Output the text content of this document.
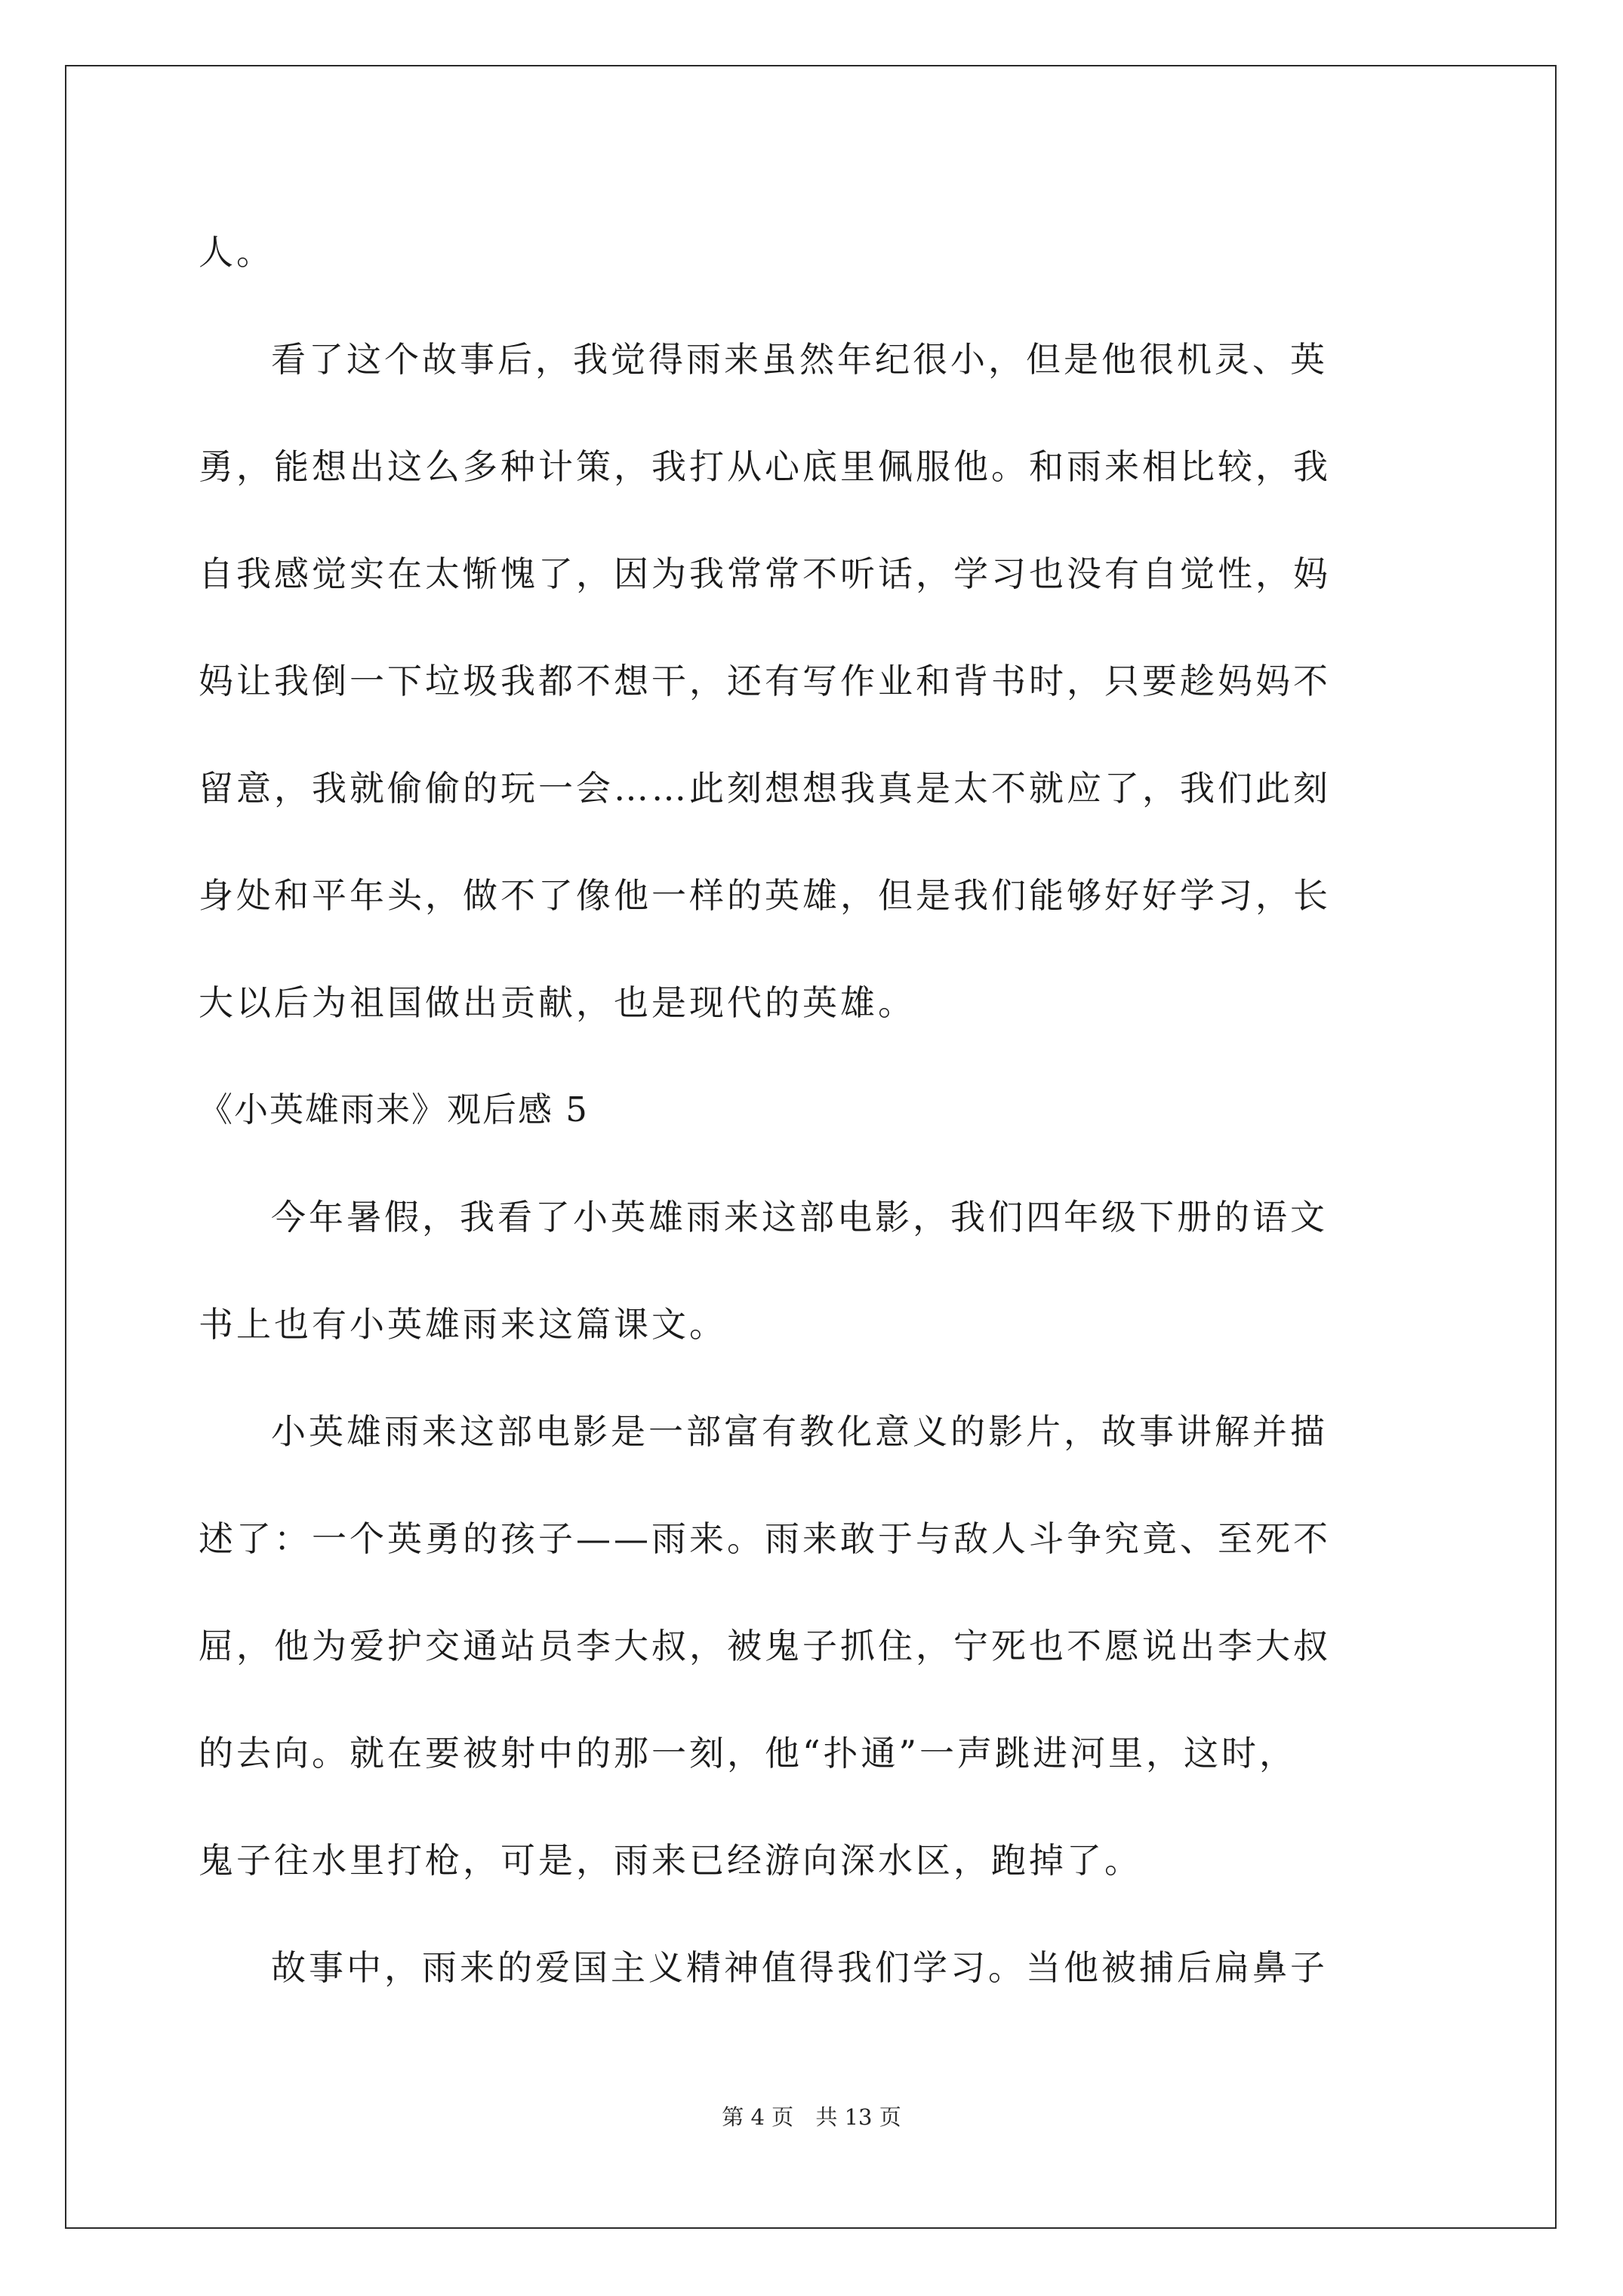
人。
看了这个故事后，我觉得雨来虽然年纪很小，但是他很机灵、英
勇，能想出这么多种计策，我打从心底里佩服他。和雨来相比较，我
自我感觉实在太惭愧了，因为我常常不听话，学习也没有自觉性，妈
妈让我倒一下垃圾我都不想干，还有写作业和背书时，只要趁妈妈不
留意，我就偷偷的玩一会……此刻想想我真是太不就应了，我们此刻
身处和平年头，做不了像他一样的英雄，但是我们能够好好学习，长
大以后为祖国做出贡献，也是现代的英雄。
《小英雄雨来》观后感 5
今年暑假，我看了小英雄雨来这部电影，我们四年级下册的语文
书上也有小英雄雨来这篇课文。
小英雄雨来这部电影是一部富有教化意义的影片，故事讲解并描
述了：一个英勇的孩子——雨来。雨来敢于与敌人斗争究竟、至死不
屈，他为爱护交通站员李大叔，被鬼子抓住，宁死也不愿说出李大叔
的去向。就在要被射中的那一刻，他“扑通”一声跳进河里，这时，
鬼子往水里打枪，可是，雨来已经游向深水区，跑掉了。
故事中，雨来的爱国主义精神值得我们学习。当他被捕后扁鼻子
第 4 页 共 13 页
